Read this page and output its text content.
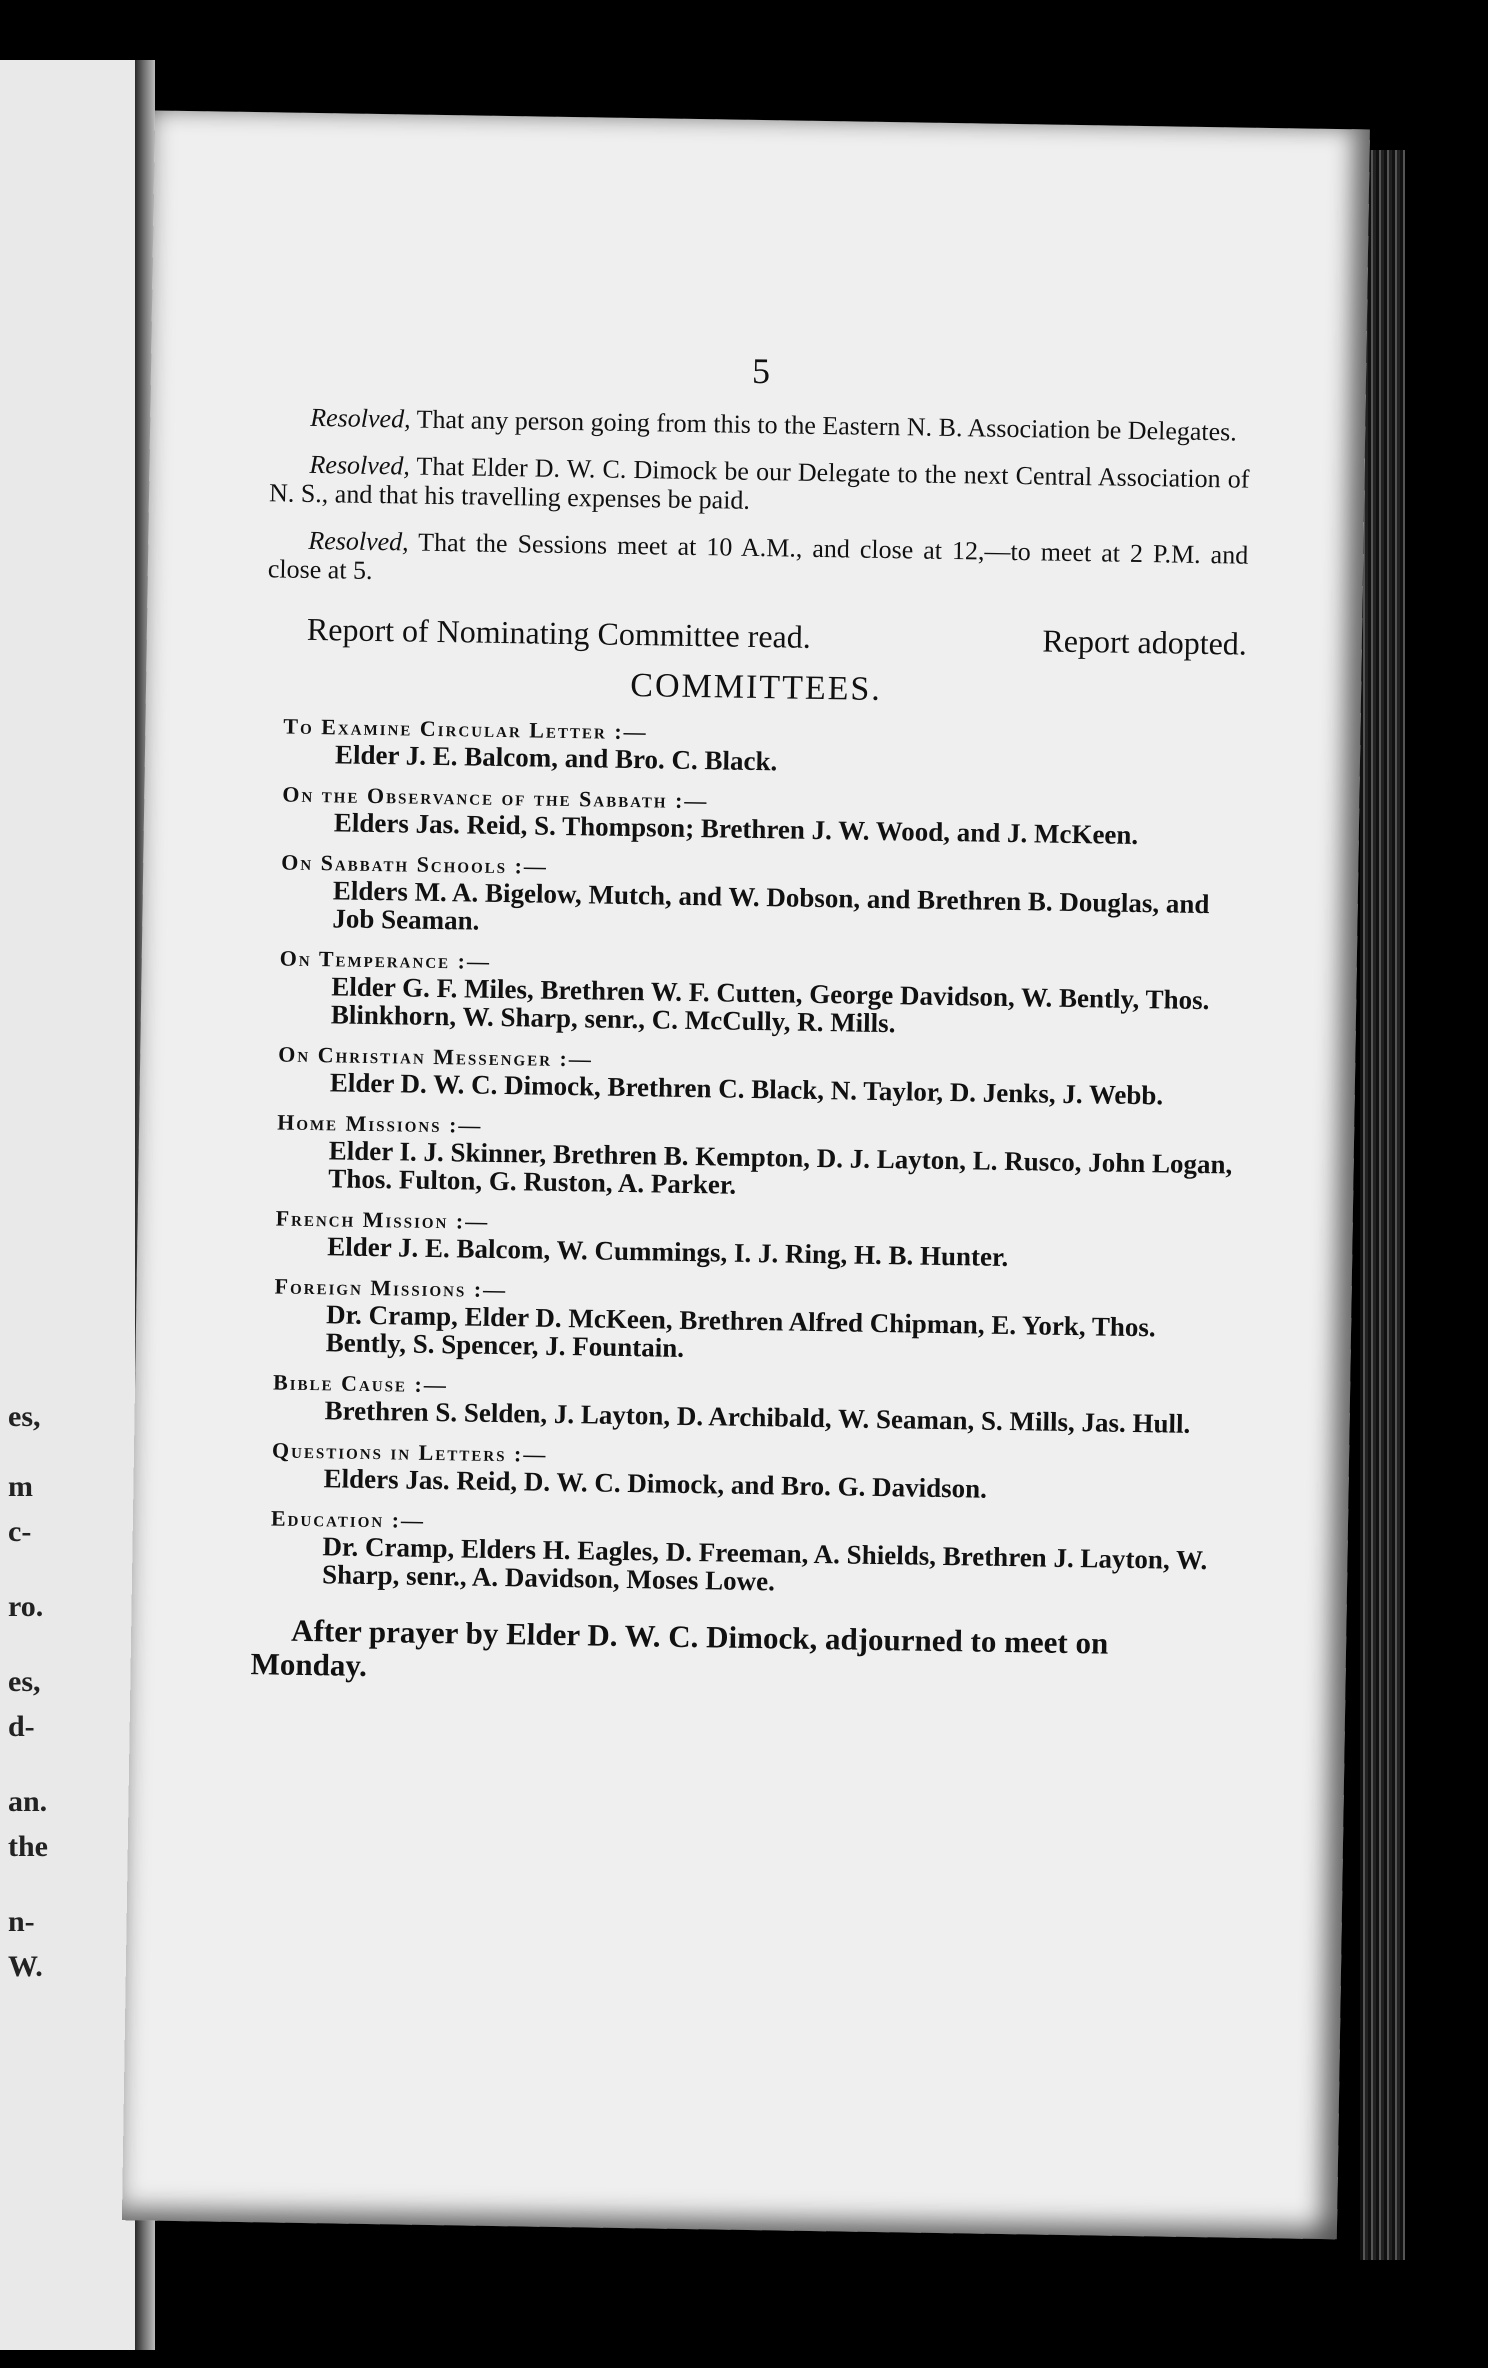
es,
m
c-
ro.
es,
d-
an.
the
n-
W.
5

Resolved, That any person going from this to the Eastern N. B. Association be Delegates.

Resolved, That Elder D. W. C. Dimock be our Delegate to the next Central Association of N. S., and that his travelling expenses be paid.

Resolved, That the Sessions meet at 10 A.M., and close at 12,—to meet at 2 P.M. and close at 5.

Report of Nominating Committee read.	Report adopted.

COMMITTEES.
To Examine Circular Letter :—
Elder J. E. Balcom, and Bro. C. Black.
On the Observance of the Sabbath :—
Elders Jas. Reid, S. Thompson; Brethren J. W. Wood, and J. McKeen.
On Sabbath Schools :—
Elders M. A. Bigelow, Mutch, and W. Dobson, and Brethren B. Douglas, and Job Seaman.
On Temperance :—
Elder G. F. Miles, Brethren W. F. Cutten, George Davidson, W. Bently, Thos. Blinkhorn, W. Sharp, senr., C. McCully, R. Mills.
On Christian Messenger :—
Elder D. W. C. Dimock, Brethren C. Black, N. Taylor, D. Jenks, J. Webb.
Home Missions :—
Elder I. J. Skinner, Brethren B. Kempton, D. J. Layton, L. Rusco, John Logan, Thos. Fulton, G. Ruston, A. Parker.
French Mission :—
Elder J. E. Balcom, W. Cummings, I. J. Ring, H. B. Hunter.
Foreign Missions :—
Dr. Cramp, Elder D. McKeen, Brethren Alfred Chipman, E. York, Thos. Bently, S. Spencer, J. Fountain.
Bible Cause :—
Brethren S. Selden, J. Layton, D. Archibald, W. Seaman, S. Mills, Jas. Hull.
Questions in Letters :—
Elders Jas. Reid, D. W. C. Dimock, and Bro. G. Davidson.
Education :—
Dr. Cramp, Elders H. Eagles, D. Freeman, A. Shields, Brethren J. Layton, W. Sharp, senr., A. Davidson, Moses Lowe.

After prayer by Elder D. W. C. Dimock, adjourned to meet on Monday.
